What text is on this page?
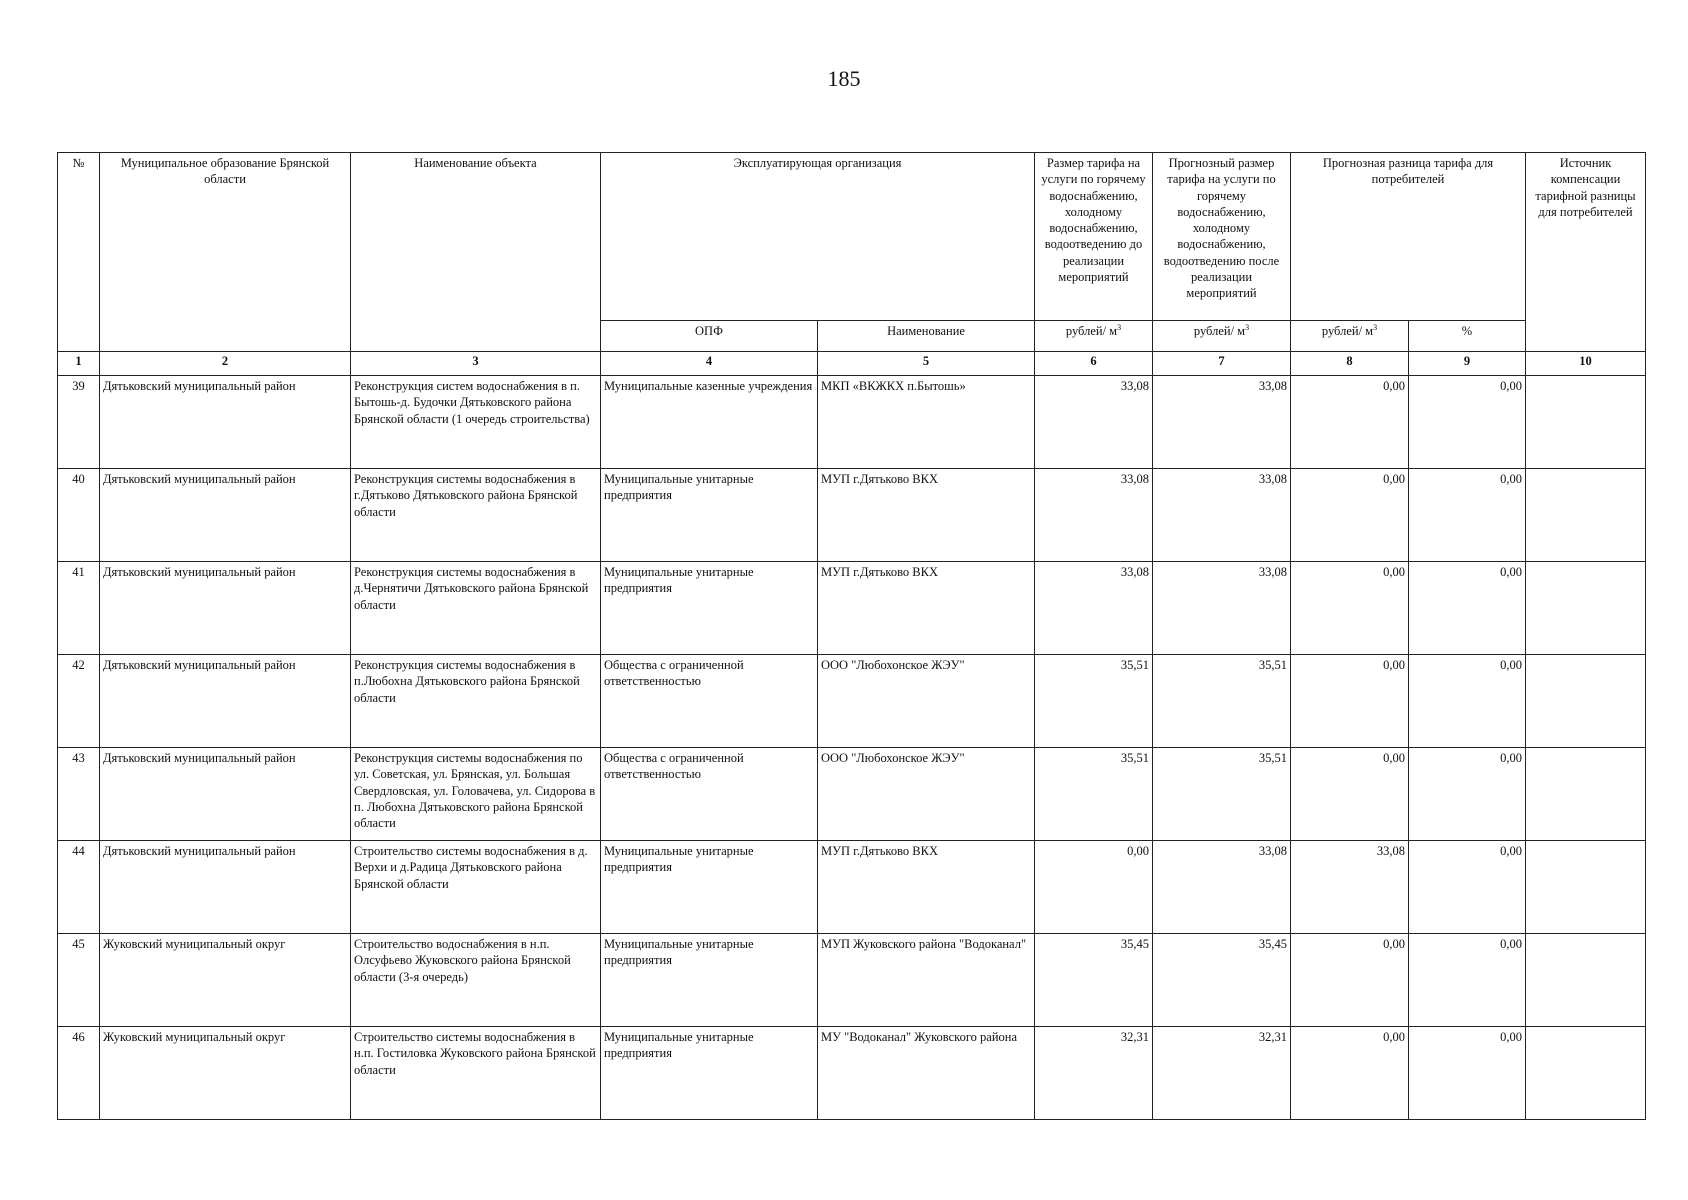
185
№	Муниципальное образование Брянской области	Наименование объекта	Эксплуатирующая организация		Размер тарифа на услуги по горячему водоснабжению, холодному водоснабжению, водоотведению до реализации мероприятий	Прогнозный размер тарифа на услуги по горячему водоснабжению, холодному водоснабжению, водоотведению после реализации мероприятий	Прогнозная разница тарифа для потребителей		Источник компенсации тарифной разницы для потребителей
			ОПФ	Наименование	рублей/ $м^3$	рублей/ $м^3$	рублей/ $м^3$	%	
1	2	3	4	5	6	7	8	9	10
39	Дятьковский муниципальный район	Реконструкция систем водоснабжения в п. Бытошь-д. Будочки Дятьковского района Брянской области (1 очередь строительства)	Муниципальные казенные учреждения	МКП «ВКЖКХ п.Бытошь»	33,08	33,08	0,00	0,00	
40	Дятьковский муниципальный район	Реконструкция системы водоснабжения в г.Дятьково Дятьковского района Брянской области	Муниципальные унитарные предприятия	МУП г.Дятьково ВКХ	33,08	33,08	0,00	0,00	
41	Дятьковский муниципальный район	Реконструкция системы водоснабжения в д.Чернятичи Дятьковского района Брянской области	Муниципальные унитарные предприятия	МУП г.Дятьково ВКХ	33,08	33,08	0,00	0,00	
42	Дятьковский муниципальный район	Реконструкция системы водоснабжения в п.Любохна Дятьковского района Брянской области	Общества с ограниченной ответственностью	ООО "Любохонское ЖЭУ"	35,51	35,51	0,00	0,00	
43	Дятьковский муниципальный район	Реконструкция системы водоснабжения по ул. Советская, ул. Брянская, ул. Большая Свердловская, ул. Головачева, ул. Сидорова в п. Любохна Дятьковского района Брянской области	Общества с ограниченной ответственностью	ООО "Любохонское ЖЭУ"	35,51	35,51	0,00	0,00	
44	Дятьковский муниципальный район	Строительство системы водоснабжения в д. Верхи и д.Радица Дятьковского района Брянской области	Муниципальные унитарные предприятия	МУП г.Дятьково ВКХ	0,00	33,08	33,08	0,00	
45	Жуковский муниципальный округ	Строительство водоснабжения в н.п. Олсуфьево Жуковского района Брянской области (3-я очередь)	Муниципальные унитарные предприятия	МУП Жуковского района "Водоканал"	35,45	35,45	0,00	0,00	
46	Жуковский муниципальный округ	Строительство системы водоснабжения в н.п. Гостиловка Жуковского района Брянской области	Муниципальные унитарные предприятия	МУ "Водоканал" Жуковского района	32,31	32,31	0,00	0,00	
